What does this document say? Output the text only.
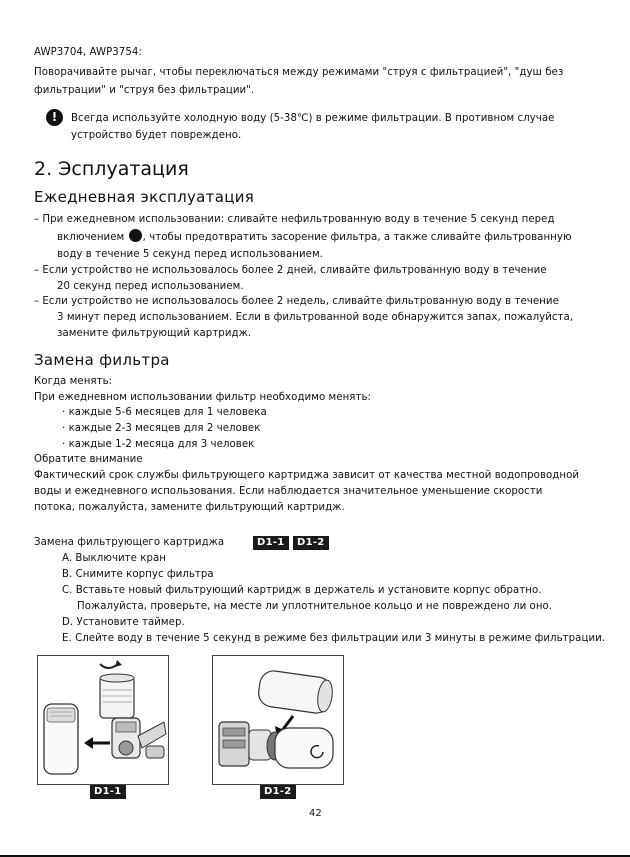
AWP3704, AWP3754:
Поворачивайте рычаг, чтобы переключаться между режимами "струя с фильтрацией", "душ без
фильтрации" и "струя без фильтрации".
!	Всегда используйте холодную воду (5-38℃) в режиме фильтрации. В противном случае
устройство будет повреждено.
2. Эсплуатация
Ежедневная эксплуатация
– При ежедневном использовании: сливайте нефильтрованную воду в течение 5 секунд перед
включением , чтобы предотвратить засорение фильтра, а также сливайте фильтрованную
воду в течение 5 секунд перед использованием.
– Если устройство не использовалось более 2 дней, сливайте фильтрованную воду в течение
20 секунд перед использованием.
– Если устройство не использовалось более 2 недель, сливайте фильтрованную воду в течение
3 минут перед использованием. Если в фильтрованной воде обнаружится запах, пожалуйста,
замените фильтрующий картридж.
Замена фильтра
Когда менять:
При ежедневном использовании фильтр необходимо менять:
· каждые 5-6 месяцев для 1 человека
· каждые 2-3 месяцев для 2 человек
· каждые 1-2 месяца для 3 человек
Обратите внимание
Фактический срок службы фильтрующего картриджа зависит от качества местной водопроводной
воды и ежедневного использования. Если наблюдается значительное уменьшение скорости
потока, пожалуйста, замените фильтрующий картридж.
Замена фильтрующего картриджа	D1-1	D1-2
A. Выключите кран
B. Снимите корпус фильтра
C. Вставьте новый фильтрующий картридж в держатель и установите корпус обратно.
Пожалуйста, проверьте, на месте ли уплотнительное кольцо и не повреждено ли оно.
D. Установите таймер.
E. Слейте воду в течение 5 секунд в режиме без фильтрации или 3 минуты в режиме фильтрации.
D1-1	D1-2
42
